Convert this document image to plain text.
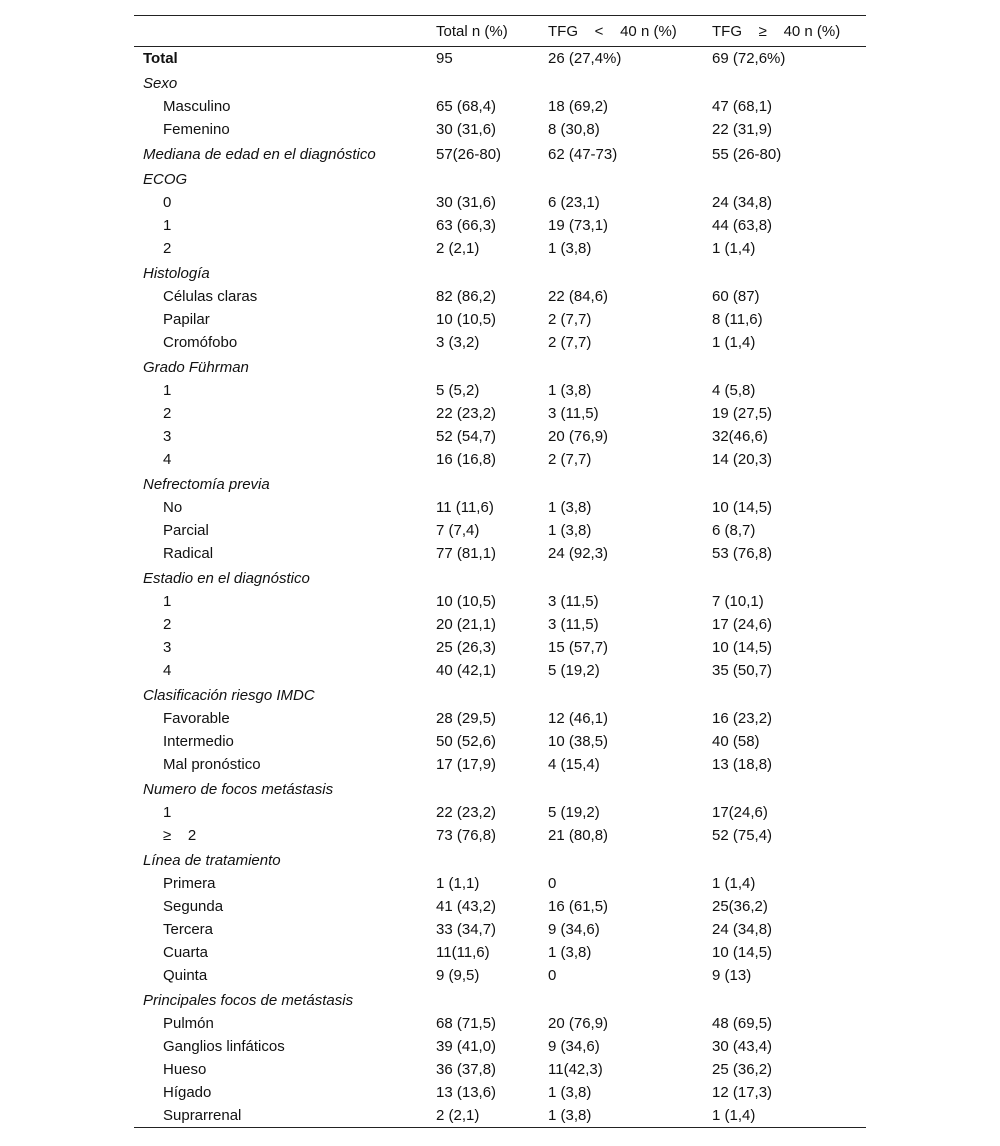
	Total n (%)	TFG    <    40 n (%)	TFG    ≥    40 n (%)
Total	95	26 (27,4%)	69 (72,6%)
Sexo			
Masculino	65 (68,4)	18 (69,2)	47 (68,1)
Femenino	30 (31,6)	8 (30,8)	22 (31,9)
Mediana de edad en el diagnóstico	57(26-80)	62 (47-73)	55 (26-80)
ECOG			
0	30 (31,6)	6 (23,1)	24 (34,8)
1	63 (66,3)	19 (73,1)	44 (63,8)
2	2 (2,1)	1 (3,8)	1 (1,4)
Histología			
Células claras	82 (86,2)	22 (84,6)	60 (87)
Papilar	10 (10,5)	2 (7,7)	8 (11,6)
Cromófobo	3 (3,2)	2 (7,7)	1 (1,4)
Grado Führman			
1	5 (5,2)	1 (3,8)	4 (5,8)
2	22 (23,2)	3 (11,5)	19 (27,5)
3	52 (54,7)	20 (76,9)	32(46,6)
4	16 (16,8)	2 (7,7)	14 (20,3)
Nefrectomía previa			
No	11 (11,6)	1 (3,8)	10 (14,5)
Parcial	7 (7,4)	1 (3,8)	6 (8,7)
Radical	77 (81,1)	24 (92,3)	53 (76,8)
Estadio en el diagnóstico			
1	10 (10,5)	3 (11,5)	7 (10,1)
2	20 (21,1)	3 (11,5)	17 (24,6)
3	25 (26,3)	15 (57,7)	10 (14,5)
4	40 (42,1)	5 (19,2)	35 (50,7)
Clasificación riesgo IMDC			
Favorable	28 (29,5)	12 (46,1)	16 (23,2)
Intermedio	50 (52,6)	10 (38,5)	40 (58)
Mal pronóstico	17 (17,9)	4 (15,4)	13 (18,8)
Numero de focos metástasis			
1	22 (23,2)	5 (19,2)	17(24,6)
≥    2	73 (76,8)	21 (80,8)	52 (75,4)
Línea de tratamiento			
Primera	1 (1,1)	0	1 (1,4)
Segunda	41 (43,2)	16 (61,5)	25(36,2)
Tercera	33 (34,7)	9 (34,6)	24 (34,8)
Cuarta	11(11,6)	1 (3,8)	10 (14,5)
Quinta	9 (9,5)	0	9 (13)
Principales focos de metástasis			
Pulmón	68 (71,5)	20 (76,9)	48 (69,5)
Ganglios linfáticos	39 (41,0)	9 (34,6)	30 (43,4)
Hueso	36 (37,8)	11(42,3)	25 (36,2)
Hígado	13 (13,6)	1 (3,8)	12 (17,3)
Suprarrenal	2 (2,1)	1 (3,8)	1 (1,4)
